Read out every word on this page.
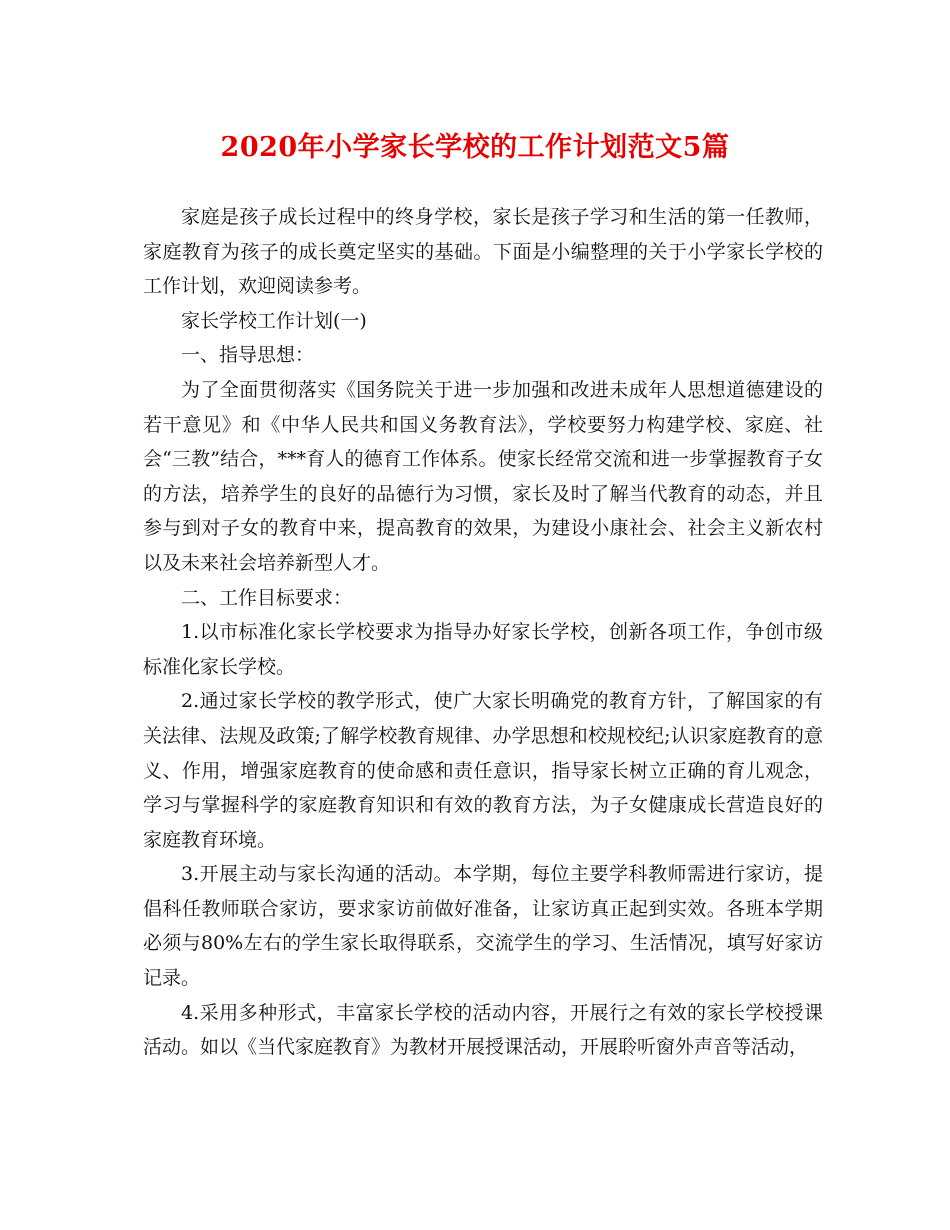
2020年小学家长学校的工作计划范文5篇

家庭是孩子成长过程中的终身学校，家长是孩子学习和生活的第一任教师，家庭教育为孩子的成长奠定坚实的基础。下面是小编整理的关于小学家长学校的工作计划，欢迎阅读参考。

家长学校工作计划(一)

一、指导思想：

为了全面贯彻落实《国务院关于进一步加强和改进未成年人思想道德建设的若干意见》和《中华人民共和国义务教育法》，学校要努力构建学校、家庭、社会“三教”结合，***育人的德育工作体系。使家长经常交流和进一步掌握教育子女的方法，培养学生的良好的品德行为习惯，家长及时了解当代教育的动态，并且参与到对子女的教育中来，提高教育的效果，为建设小康社会、社会主义新农村以及未来社会培养新型人才。

二、工作目标要求：

1.以市标准化家长学校要求为指导办好家长学校，创新各项工作，争创市级标准化家长学校。

2.通过家长学校的教学形式，使广大家长明确党的教育方针，了解国家的有关法律、法规及政策;了解学校教育规律、办学思想和校规校纪;认识家庭教育的意义、作用，增强家庭教育的使命感和责任意识，指导家长树立正确的育儿观念，学习与掌握科学的家庭教育知识和有效的教育方法，为子女健康成长营造良好的家庭教育环境。

3.开展主动与家长沟通的活动。本学期，每位主要学科教师需进行家访，提倡科任教师联合家访，要求家访前做好准备，让家访真正起到实效。各班本学期必须与80%左右的学生家长取得联系，交流学生的学习、生活情况，填写好家访记录。

4.采用多种形式，丰富家长学校的活动内容，开展行之有效的家长学校授课活动。如以《当代家庭教育》为教材开展授课活动，开展聆听窗外声音等活动，
